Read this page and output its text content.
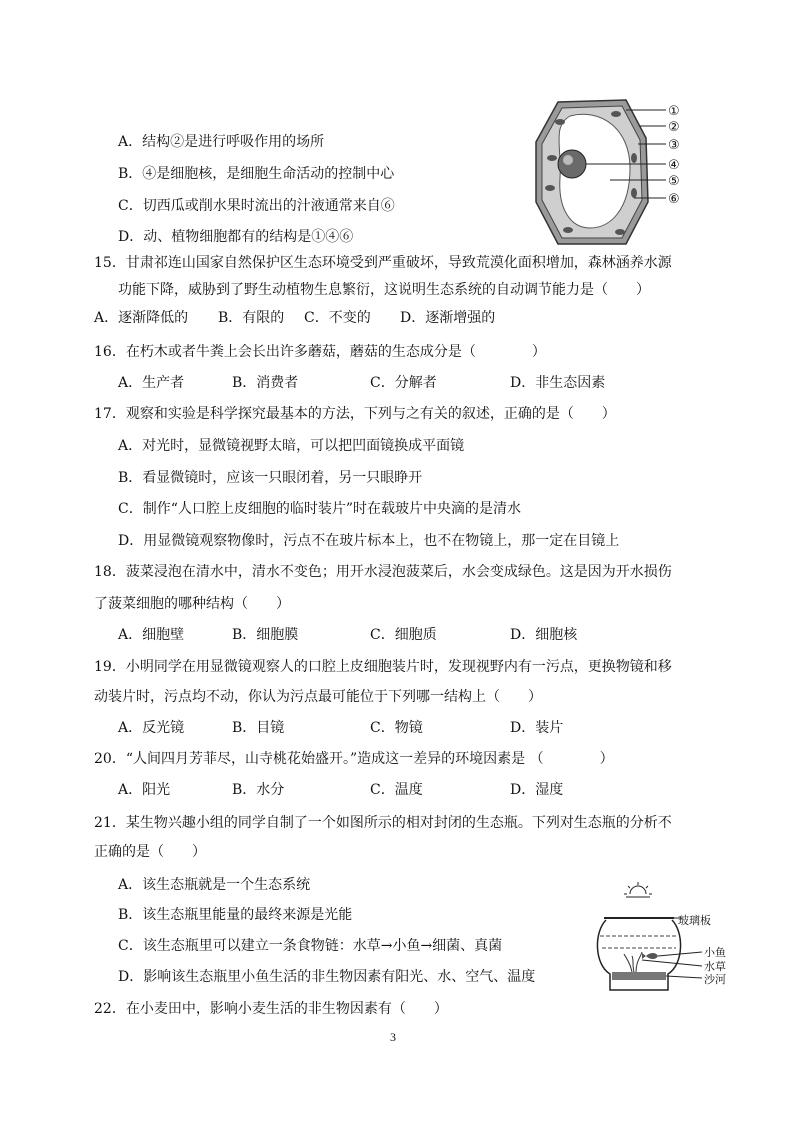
A．结构②是进行呼吸作用的场所
B．④是细胞核，是细胞生命活动的控制中心
C．切西瓜或削水果时流出的汁液通常来自⑥
D．动、植物细胞都有的结构是①④⑥
①
②
③
④
⑤
⑥
15．甘肃祁连山国家自然保护区生态环境受到严重破坏，导致荒漠化面积增加，森林涵养水源
功能下降，威胁到了野生动植物生息繁衍，这说明生态系统的自动调节能力是（　　）
A．逐渐降低的 B．有限的 C．不变的 D．逐渐增强的
16．在朽木或者牛粪上会长出许多蘑菇，蘑菇的生态成分是（　　　　）
A．生产者	B．消费者	C．分解者	D．非生态因素
17．观察和实验是科学探究最基本的方法，下列与之有关的叙述，正确的是（　　）
A．对光时，显微镜视野太暗，可以把凹面镜换成平面镜
B．看显微镜时，应该一只眼闭着，另一只眼睁开
C．制作“人口腔上皮细胞的临时装片”时在载玻片中央滴的是清水
D．用显微镜观察物像时，污点不在玻片标本上，也不在物镜上，那一定在目镜上
18．菠菜浸泡在清水中，清水不变色；用开水浸泡菠菜后，水会变成绿色。这是因为开水损伤
了菠菜细胞的哪种结构（　　）
A．细胞壁	B．细胞膜	C．细胞质	D．细胞核
19．小明同学在用显微镜观察人的口腔上皮细胞装片时，发现视野内有一污点，更换物镜和移
动装片时，污点均不动，你认为污点最可能位于下列哪一结构上（　　）
A．反光镜	B．目镜	C．物镜	D．装片
20．“人间四月芳菲尽，山寺桃花始盛开。”造成这一差异的环境因素是 （　　　　）
A．阳光	B．水分	C．温度	D．湿度
21．某生物兴趣小组的同学自制了一个如图所示的相对封闭的生态瓶。下列对生态瓶的分析不
正确的是（　　）
A．该生态瓶就是一个生态系统
B．该生态瓶里能量的最终来源是光能
C．该生态瓶里可以建立一条食物链：水草→小鱼→细菌、真菌
D．影响该生态瓶里小鱼生活的非生物因素有阳光、水、空气、温度
玻璃板
小鱼
水草
沙河
22．在小麦田中，影响小麦生活的非生物因素有（　　）
3
